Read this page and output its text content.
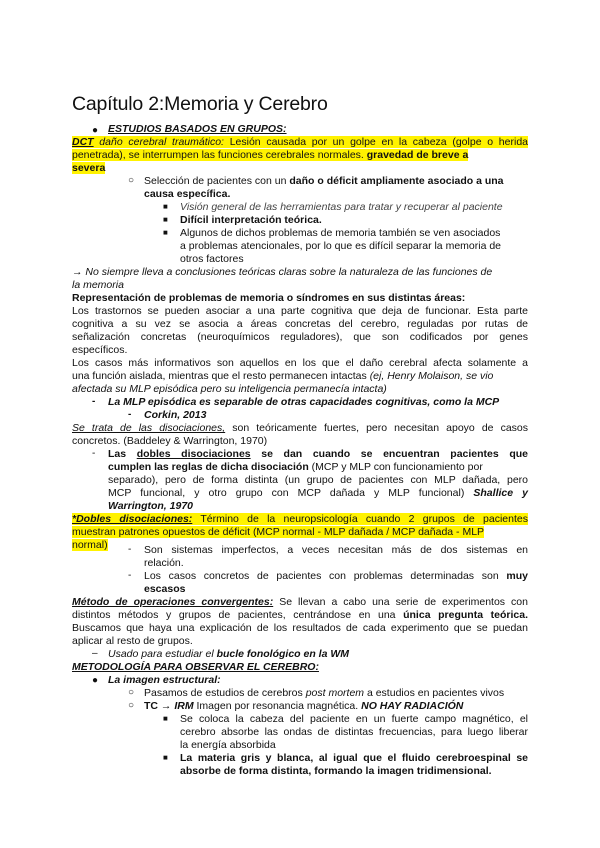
Capítulo 2:Memoria y Cerebro
● ESTUDIOS BASADOS EN GRUPOS:
DCT daño cerebral traumático: Lesión causada por un golpe en la cabeza (golpe o herida
penetrada), se interrumpen las funciones cerebrales normales. gravedad de breve a
severa
○ Selección de pacientes con un daño o déficit ampliamente asociado a una
causa específica.
■ Visión general de las herramientas para tratar y recuperar al paciente
■ Difícil interpretación teórica.
■ Algunos de dichos problemas de memoria también se ven asociados
a problemas atencionales, por lo que es difícil separar la memoria de
otros factores
→ No siempre lleva a conclusiones teóricas claras sobre la naturaleza de las funciones de
la memoria
Representación de problemas de memoria o síndromes en sus distintas áreas:
Los trastornos se pueden asociar a una parte cognitiva que deja de funcionar. Esta parte
cognitiva a su vez se asocia a áreas concretas del cerebro, reguladas por rutas de
señalización concretas (neuroquímicos reguladores), que son codificados por genes
específicos.
Los casos más informativos son aquellos en los que el daño cerebral afecta solamente a
una función aislada, mientras que el resto permanecen intactas (ej, Henry Molaison, se vio
afectada su MLP episódica pero su inteligencia permanecía intacta)
- La MLP episódica es separable de otras capacidades cognitivas, como la MCP
- Corkin, 2013
Se trata de las disociaciones, son teóricamente fuertes, pero necesitan apoyo de casos
concretos. (Baddeley & Warrington, 1970)
- Las dobles disociaciones se dan cuando se encuentran pacientes que
cumplen las reglas de dicha disociación (MCP y MLP con funcionamiento por
separado), pero de forma distinta (un grupo de pacientes con MLP dañada, pero
MCP funcional, y otro grupo con MCP dañada y MLP funcional) Shallice y
Warrington, 1970
*Dobles disociaciones: Término de la neuropsicología cuando 2 grupos de pacientes
muestran patrones opuestos de déficit (MCP normal - MLP dañada / MCP dañada - MLP
normal) - Son sistemas imperfectos, a veces necesitan más de dos sistemas en
relación.
- Los casos concretos de pacientes con problemas determinadas son muy
escasos
Método de operaciones convergentes: Se llevan a cabo una serie de experimentos con
distintos métodos y grupos de pacientes, centrándose en una única pregunta teórica.
Buscamos que haya una explicación de los resultados de cada experimento que se puedan
aplicar al resto de grupos.
– Usado para estudiar el bucle fonológico en la WM
METODOLOGÍA PARA OBSERVAR EL CEREBRO:
● La imagen estructural:
○ Pasamos de estudios de cerebros post mortem a estudios en pacientes vivos
○ TC → IRM Imagen por resonancia magnética. NO HAY RADIACIÓN
■ Se coloca la cabeza del paciente en un fuerte campo magnético, el
cerebro absorbe las ondas de distintas frecuencias, para luego liberar
la energía absorbida
■ La materia gris y blanca, al igual que el fluido cerebroespinal se
absorbe de forma distinta, formando la imagen tridimensional.
